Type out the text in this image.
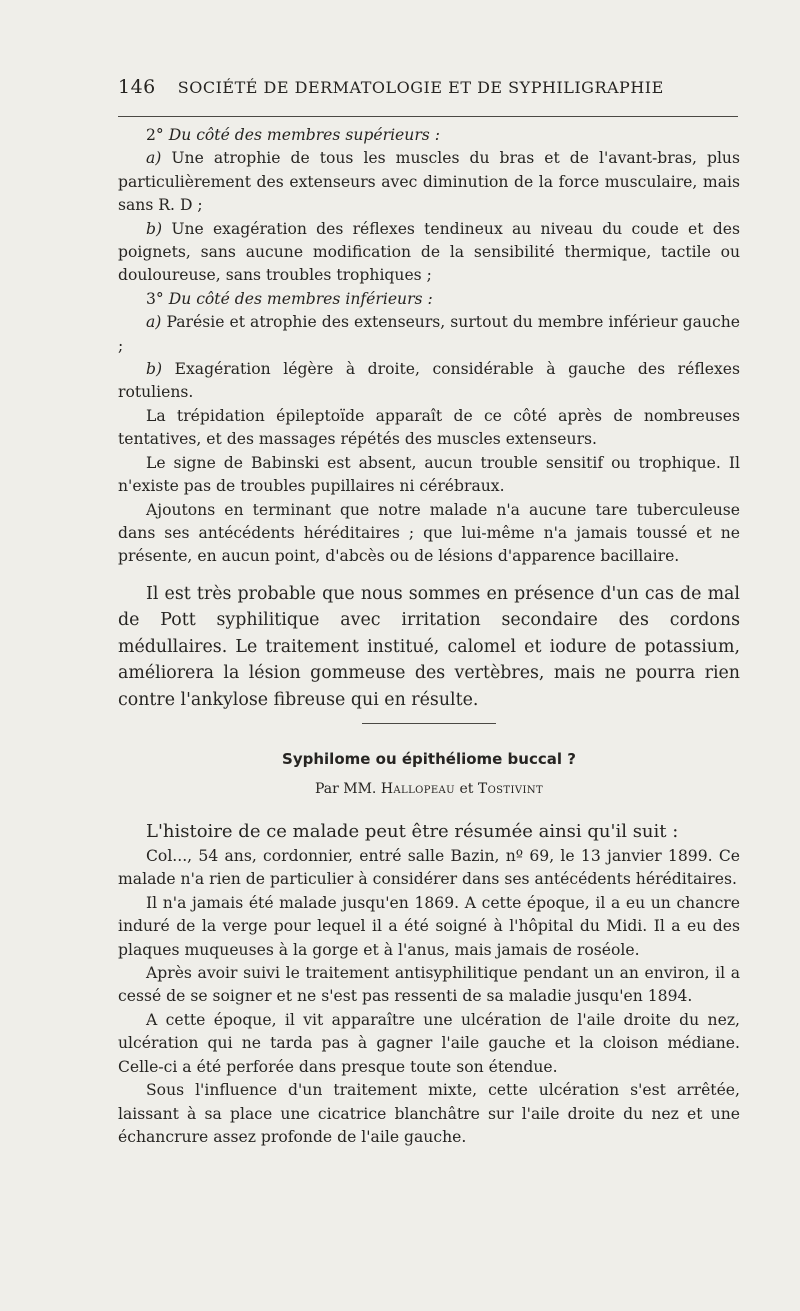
146 SOCIÉTÉ DE DERMATOLOGIE ET DE SYPHILIGRAPHIE

2° Du côté des membres supérieurs :

a) Une atrophie de tous les muscles du bras et de l'avant-bras, plus particulièrement des extenseurs avec diminution de la force musculaire, mais sans R. D ;

b) Une exagération des réflexes tendineux au niveau du coude et des poignets, sans aucune modification de la sensibilité thermique, tactile ou douloureuse, sans troubles trophiques ;

3° Du côté des membres inférieurs :

a) Parésie et atrophie des extenseurs, surtout du membre inférieur gauche ;

b) Exagération légère à droite, considérable à gauche des réflexes rotuliens.

La trépidation épileptoïde apparaît de ce côté après de nombreuses tentatives, et des massages répétés des muscles extenseurs.

Le signe de Babinski est absent, aucun trouble sensitif ou trophique. Il n'existe pas de troubles pupillaires ni cérébraux.

Ajoutons en terminant que notre malade n'a aucune tare tuberculeuse dans ses antécédents héréditaires ; que lui-même n'a jamais toussé et ne présente, en aucun point, d'abcès ou de lésions d'apparence bacillaire.

Il est très probable que nous sommes en présence d'un cas de mal de Pott syphilitique avec irritation secondaire des cordons médullaires. Le traitement institué, calomel et iodure de potassium, améliorera la lésion gommeuse des vertèbres, mais ne pourra rien contre l'ankylose fibreuse qui en résulte.

Syphilome ou épithéliome buccal ?
Par MM. Hallopeau et Tostivint

L'histoire de ce malade peut être résumée ainsi qu'il suit :

Col..., 54 ans, cordonnier, entré salle Bazin, nº 69, le 13 janvier 1899. Ce malade n'a rien de particulier à considérer dans ses antécédents héréditaires.

Il n'a jamais été malade jusqu'en 1869. A cette époque, il a eu un chancre induré de la verge pour lequel il a été soigné à l'hôpital du Midi. Il a eu des plaques muqueuses à la gorge et à l'anus, mais jamais de roséole.

Après avoir suivi le traitement antisyphilitique pendant un an environ, il a cessé de se soigner et ne s'est pas ressenti de sa maladie jusqu'en 1894.

A cette époque, il vit apparaître une ulcération de l'aile droite du nez, ulcération qui ne tarda pas à gagner l'aile gauche et la cloison médiane. Celle-ci a été perforée dans presque toute son étendue.

Sous l'influence d'un traitement mixte, cette ulcération s'est arrêtée, laissant à sa place une cicatrice blanchâtre sur l'aile droite du nez et une échancrure assez profonde de l'aile gauche.
